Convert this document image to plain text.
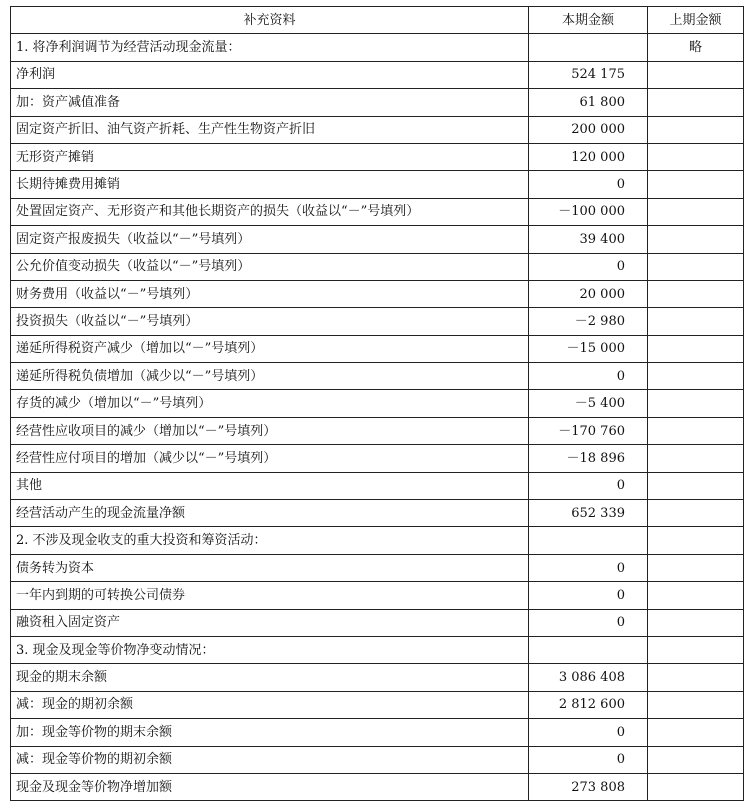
补充资料	本期金额	上期金额
1. 将净利润调节为经营活动现金流量：		略
净利润	524 175	
加：资产减值准备	61 800	
固定资产折旧、油气资产折耗、生产性生物资产折旧	200 000	
无形资产摊销	120 000	
长期待摊费用摊销	0	
处置固定资产、无形资产和其他长期资产的损失（收益以“－”号填列）	－100 000	
固定资产报废损失（收益以“－”号填列）	39 400	
公允价值变动损失（收益以“－”号填列）	0	
财务费用（收益以“－”号填列）	20 000	
投资损失（收益以“－”号填列）	－2 980	
递延所得税资产减少（增加以“－”号填列）	－15 000	
递延所得税负债增加（减少以“－”号填列）	0	
存货的减少（增加以“－”号填列）	－5 400	
经营性应收项目的减少（增加以“－”号填列）	－170 760	
经营性应付项目的增加（减少以“－”号填列）	－18 896	
其他	0	
经营活动产生的现金流量净额	652 339	
2. 不涉及现金收支的重大投资和筹资活动：		
债务转为资本	0	
一年内到期的可转换公司债券	0	
融资租入固定资产	0	
3. 现金及现金等价物净变动情况：		
现金的期末余额	3 086 408	
减：现金的期初余额	2 812 600	
加：现金等价物的期末余额	0	
减：现金等价物的期初余额	0	
现金及现金等价物净增加额	273 808	
